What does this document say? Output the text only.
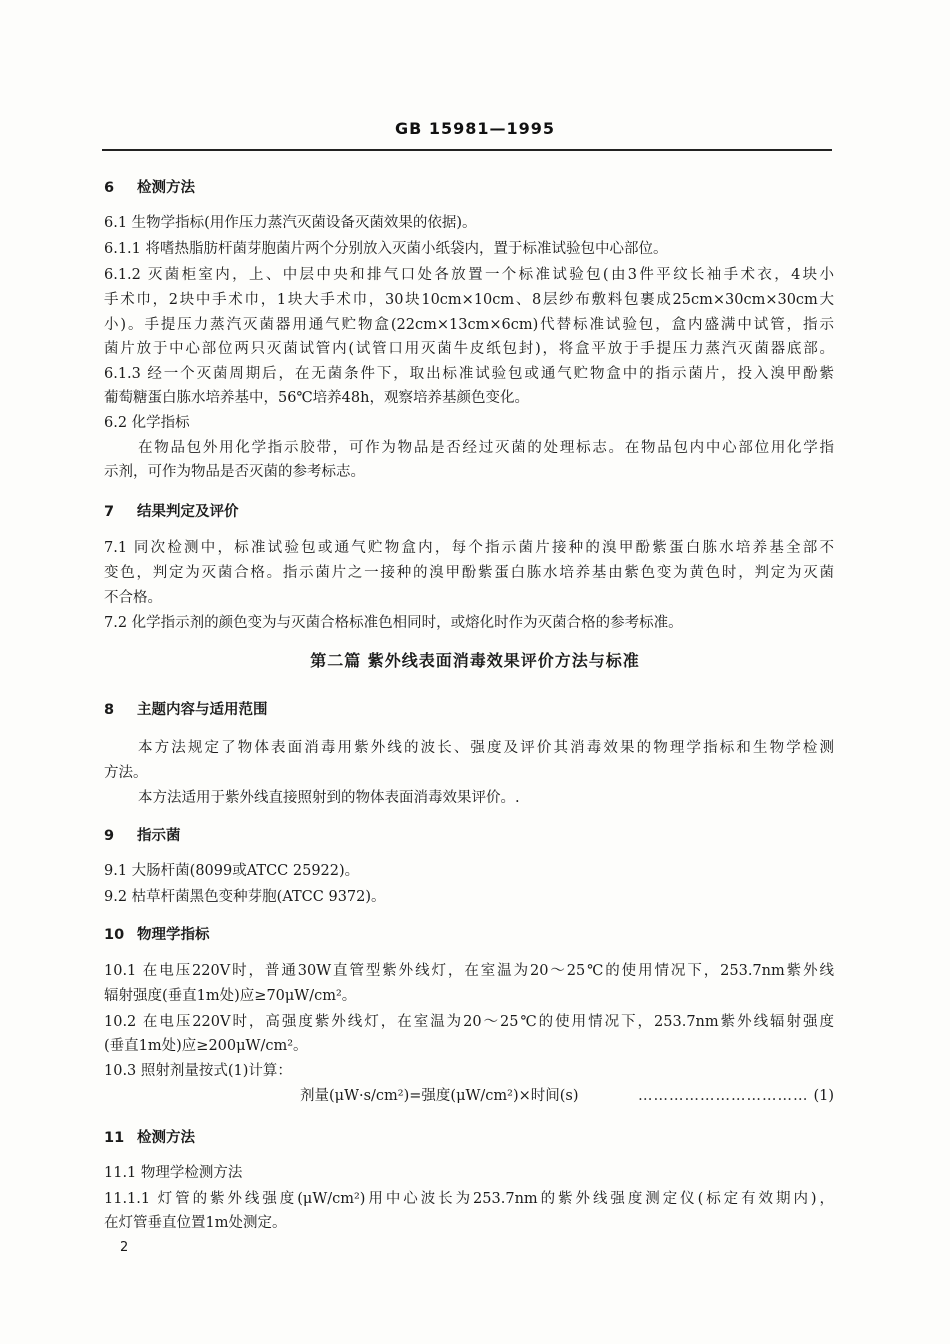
GB 15981—1995
6 检测方法
6.1 生物学指标(用作压力蒸汽灭菌设备灭菌效果的依据)。
6.1.1 将嗜热脂肪杆菌芽胞菌片两个分别放入灭菌小纸袋内，置于标准试验包中心部位。
6.1.2 灭菌柜室内，上、中层中央和排气口处各放置一个标准试验包(由3件平纹长袖手术衣，4块小
手术巾，2块中手术巾，1块大手术巾，30块10cm×10cm、8层纱布敷料包裹成25cm×30cm×30cm大
小)。手提压力蒸汽灭菌器用通气贮物盒(22cm×13cm×6cm)代替标准试验包，盒内盛满中试管，指示
菌片放于中心部位两只灭菌试管内(试管口用灭菌牛皮纸包封)，将盒平放于手提压力蒸汽灭菌器底部。
6.1.3 经一个灭菌周期后，在无菌条件下，取出标准试验包或通气贮物盒中的指示菌片，投入溴甲酚紫
葡萄糖蛋白胨水培养基中，56℃培养48h，观察培养基颜色变化。
6.2 化学指标
在物品包外用化学指示胶带，可作为物品是否经过灭菌的处理标志。在物品包内中心部位用化学指
示剂，可作为物品是否灭菌的参考标志。
7 结果判定及评价
7.1 同次检测中，标准试验包或通气贮物盒内，每个指示菌片接种的溴甲酚紫蛋白胨水培养基全部不
变色，判定为灭菌合格。指示菌片之一接种的溴甲酚紫蛋白胨水培养基由紫色变为黄色时，判定为灭菌
不合格。
7.2 化学指示剂的颜色变为与灭菌合格标准色相同时，或熔化时作为灭菌合格的参考标准。
第二篇 紫外线表面消毒效果评价方法与标准
8 主题内容与适用范围
本方法规定了物体表面消毒用紫外线的波长、强度及评价其消毒效果的物理学指标和生物学检测
方法。
本方法适用于紫外线直接照射到的物体表面消毒效果评价。.
9 指示菌
9.1 大肠杆菌(8099或ATCC 25922)。
9.2 枯草杆菌黑色变种芽胞(ATCC 9372)。
10 物理学指标
10.1 在电压220V时，普通30W直管型紫外线灯，在室温为20～25℃的使用情况下，253.7nm紫外线
辐射强度(垂直1m处)应≥70μW/cm²。
10.2 在电压220V时，高强度紫外线灯，在室温为20～25℃的使用情况下，253.7nm紫外线辐射强度
(垂直1m处)应≥200μW/cm²。
10.3 照射剂量按式(1)计算：
剂量(μW·s/cm²)=强度(μW/cm²)×时间(s)	…………………………… (1)
11 检测方法
11.1 物理学检测方法
11.1.1 灯管的紫外线强度(μW/cm²)用中心波长为253.7nm的紫外线强度测定仪(标定有效期内)，
在灯管垂直位置1m处测定。
2
